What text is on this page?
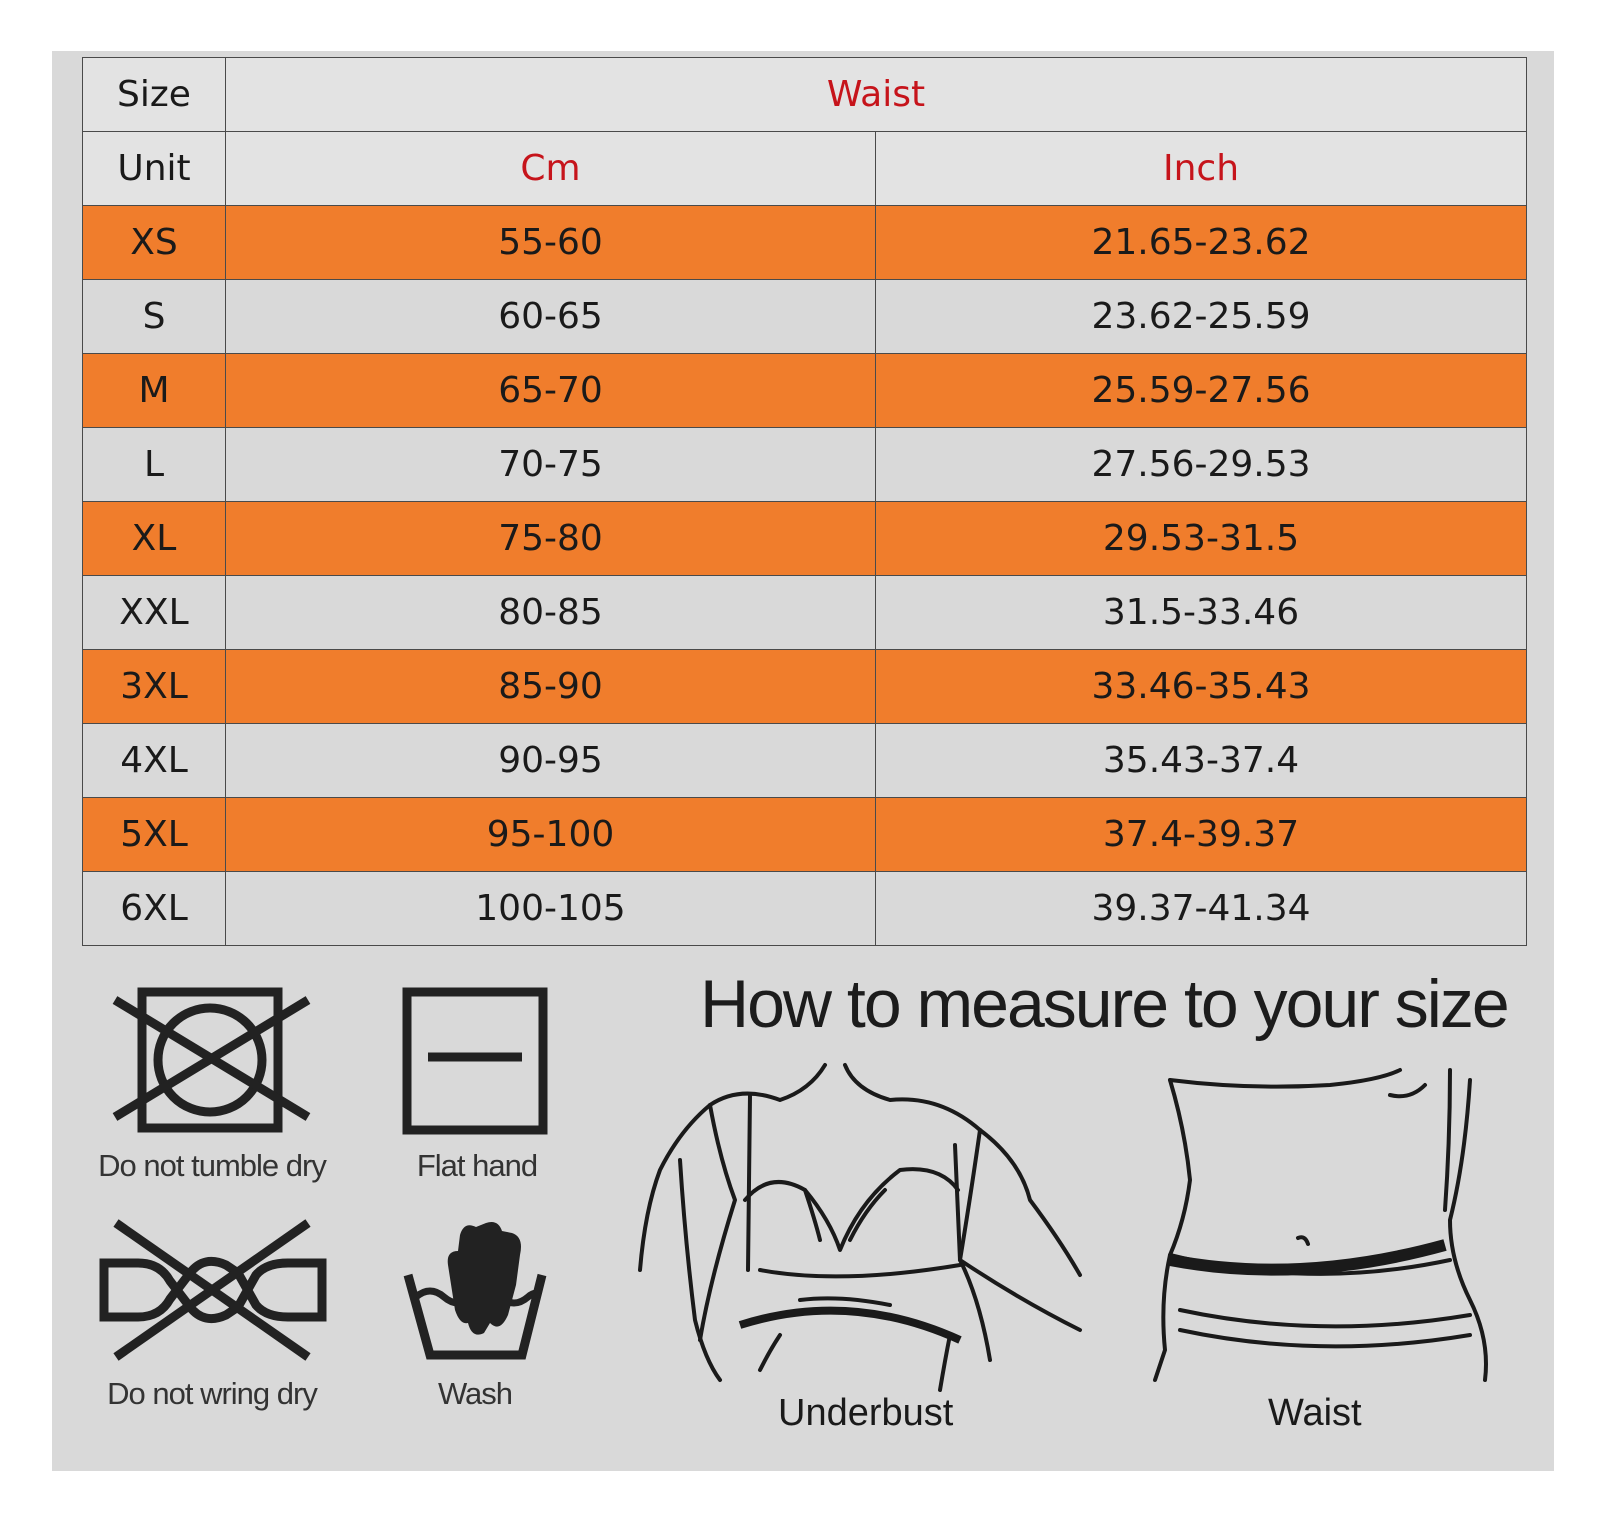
Size	Waist	
Unit	Cm	Inch
XS	55-60	21.65-23.62
S	60-65	23.62-25.59
M	65-70	25.59-27.56
L	70-75	27.56-29.53
XL	75-80	29.53-31.5
XXL	80-85	31.5-33.46
3XL	85-90	33.46-35.43
4XL	90-95	35.43-37.4
5XL	95-100	37.4-39.37
6XL	100-105	39.37-41.34
Do not tumble dry	Flat hand
Do not wring dry	Wash
How to measure to your size
Underbust	Waist
